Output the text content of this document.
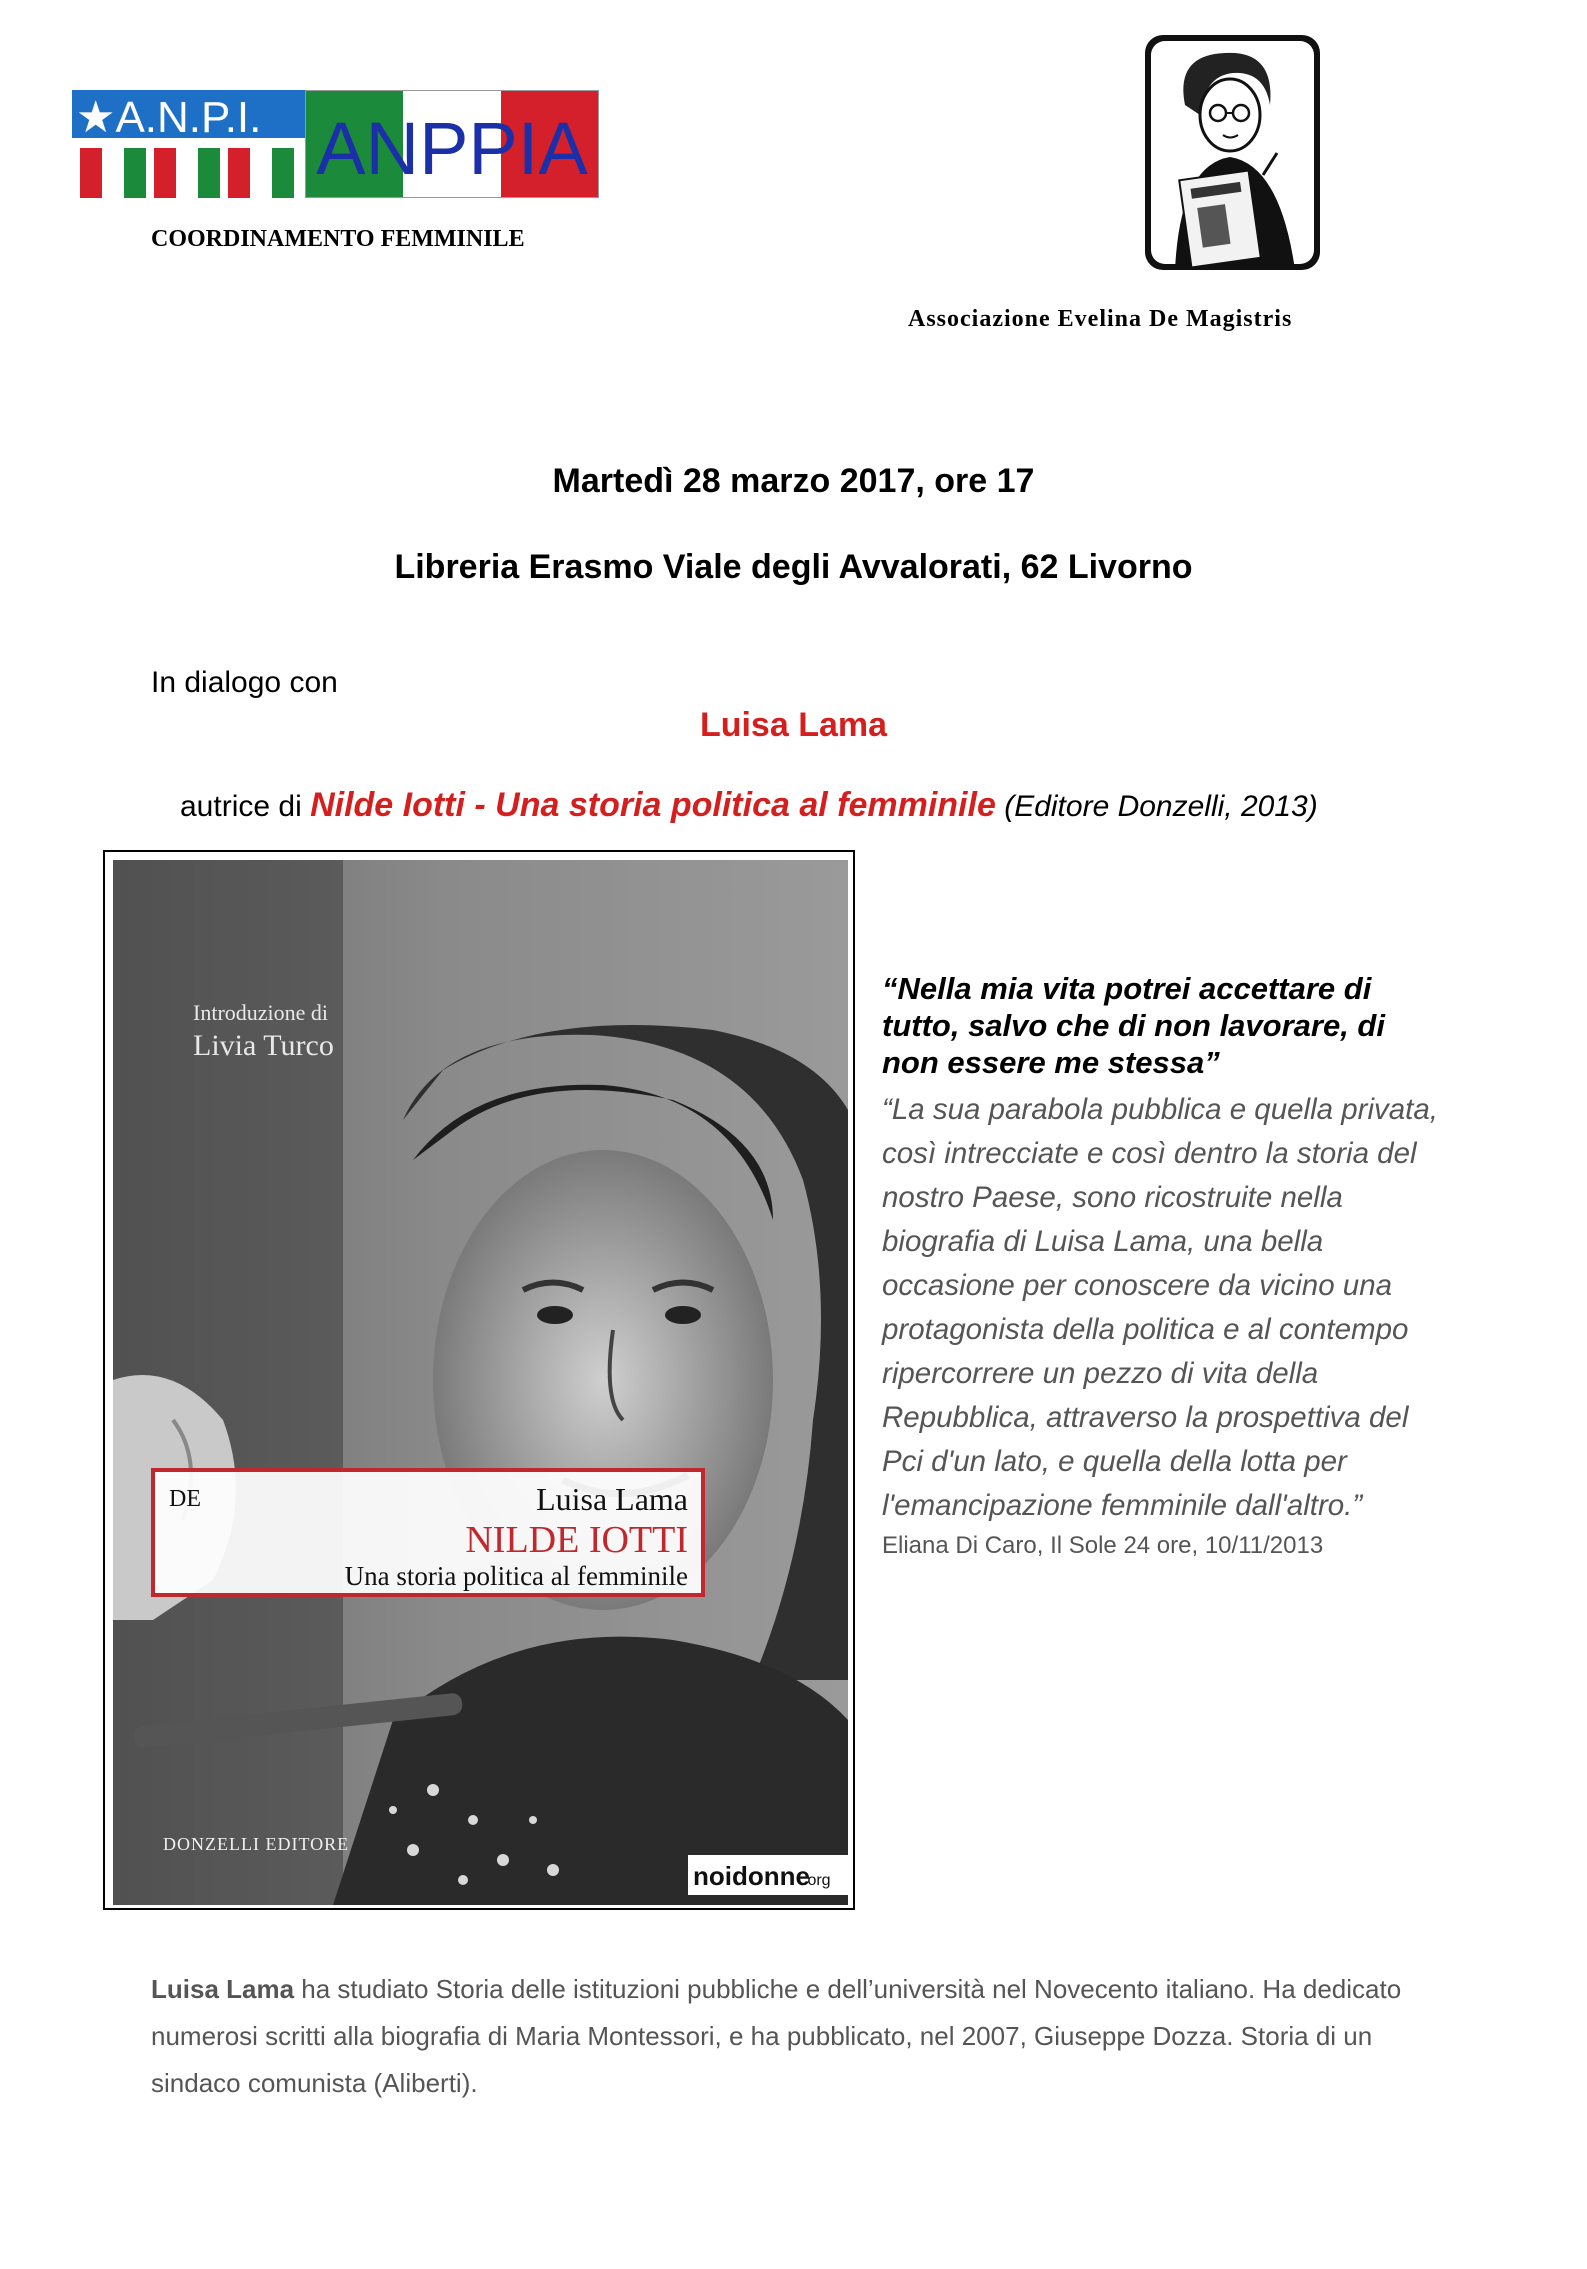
★A.N.P.I. ANPPIA
COORDINAMENTO FEMMINILE
Associazione Evelina De Magistris
Martedì 28 marzo 2017, ore 17
Libreria Erasmo Viale degli Avvalorati, 62 Livorno
In dialogo con
Luisa Lama
autrice di Nilde Iotti - Una storia politica al femminile (Editore Donzelli, 2013)
Introduzione di
Livia Turco
DE	Luisa Lama
NILDE IOTTI
Una storia politica al femminile
DONZELLI EDITORE
noidonne
.org
“Nella mia vita potrei accettare di tutto, salvo che di non lavorare, di non essere me stessa”
“La sua parabola pubblica e quella privata, così intrecciate e così dentro la storia del nostro Paese, sono ricostruite nella biografia di Luisa Lama, una bella occasione per conoscere da vicino una protagonista della politica e al contempo ripercorrere un pezzo di vita della Repubblica, attraverso la prospettiva del Pci d'un lato, e quella della lotta per l'emancipazione femminile dall'altro.”
Eliana Di Caro, Il Sole 24 ore, 10/11/2013
Luisa Lama ha studiato Storia delle istituzioni pubbliche e dell’università nel Novecento italiano. Ha dedicato numerosi scritti alla biografia di Maria Montessori, e ha pubblicato, nel 2007, Giuseppe Dozza. Storia di un sindaco comunista (Aliberti).
